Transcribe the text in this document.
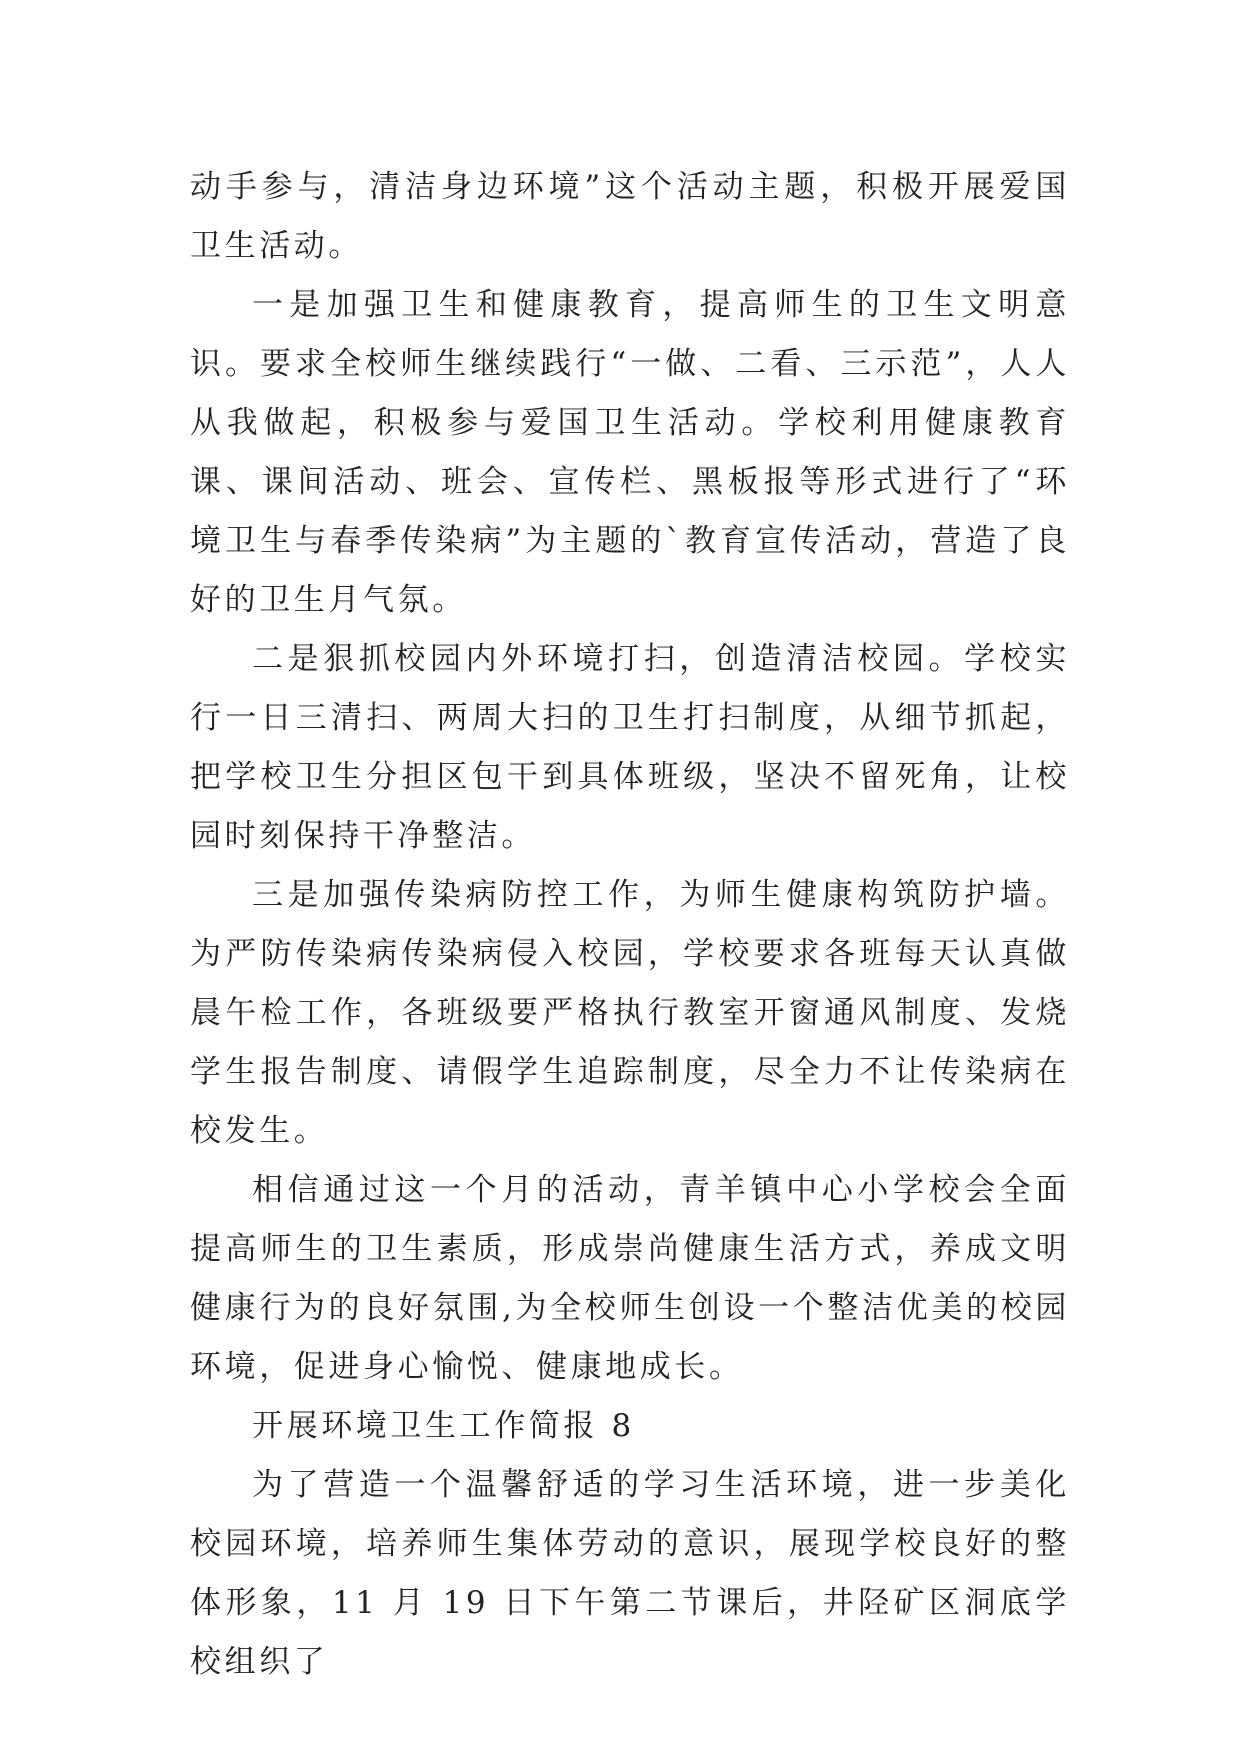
动手参与，清洁身边环境”这个活动主题，积极开展爱国卫生活动。

一是加强卫生和健康教育，提高师生的卫生文明意识。要求全校师生继续践行“一做、二看、三示范”，人人从我做起，积极参与爱国卫生活动。学校利用健康教育课、课间活动、班会、宣传栏、黑板报等形式进行了“环境卫生与春季传染病”为主题的`教育宣传活动，营造了良好的卫生月气氛。

二是狠抓校园内外环境打扫，创造清洁校园。学校实行一日三清扫、两周大扫的卫生打扫制度，从细节抓起，把学校卫生分担区包干到具体班级，坚决不留死角，让校园时刻保持干净整洁。

三是加强传染病防控工作，为师生健康构筑防护墙。为严防传染病传染病侵入校园，学校要求各班每天认真做晨午检工作，各班级要严格执行教室开窗通风制度、发烧学生报告制度、请假学生追踪制度，尽全力不让传染病在校发生。

相信通过这一个月的活动，青羊镇中心小学校会全面提高师生的卫生素质，形成崇尚健康生活方式，养成文明健康行为的良好氛围,为全校师生创设一个整洁优美的校园环境，促进身心愉悦、健康地成长。

开展环境卫生工作简报 8

为了营造一个温馨舒适的学习生活环境，进一步美化校园环境，培养师生集体劳动的意识，展现学校良好的整体形象，11 月 19 日下午第二节课后，井陉矿区洞底学校组织了
